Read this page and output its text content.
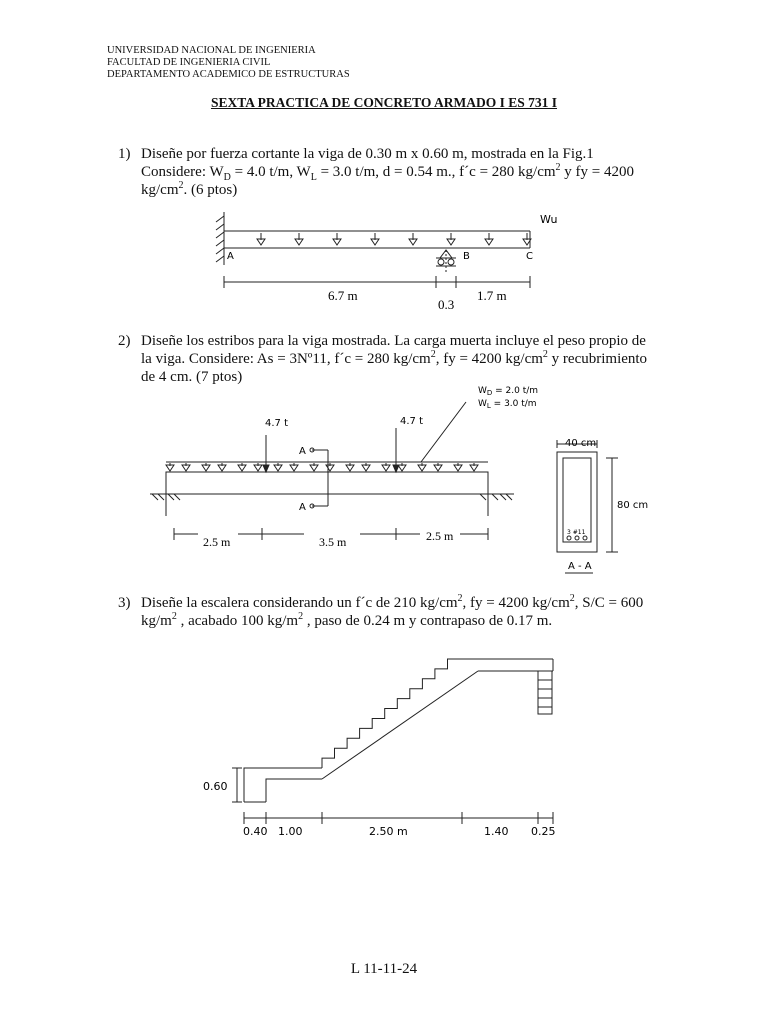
UNIVERSIDAD NACIONAL DE INGENIERIA
FACULTAD DE INGENIERIA CIVIL
DEPARTAMENTO ACADEMICO DE ESTRUCTURAS
SEXTA PRACTICA DE CONCRETO ARMADO I ES 731 I
1) Diseñe por fuerza cortante la viga de 0.30 m x 0.60 m, mostrada en la Fig.1
Considere: $W_D = 4.0$ t/m, $W_L = 3.0$ t/m, d = 0.54 m., f´c = 280 $kg/cm^2$ y fy = 4200
$kg/cm^2$. (6 ptos)
Wu
A	B	C
6.7 m
0.3
1.7 m
2) Diseñe los estribos para la viga mostrada. La carga muerta incluye el peso propio de
la viga. Considere: As = 3Nº11, f´c = 280 $kg/cm^2$, fy = 4200 $kg/cm^2$ y recubrimiento
de 4 cm. (7 ptos)
$W_D = 2.0$ t/m
$W_L = 3.0$ t/m
4.7 t	4.7 t
A
A
2.5 m	3.5 m	2.5 m
40 cm
80 cm
3 #11
A - A
3) Diseñe la escalera considerando un f´c de 210 $kg/cm^2$, fy = 4200 $kg/cm^2$, S/C = 600
$kg/m^2$ , acabado 100 $kg/m^2$ , paso de 0.24 m y contrapaso de 0.17 m.
0.60
0.40 1.00	2.50 m	1.40 0.25
L 11-11-24
